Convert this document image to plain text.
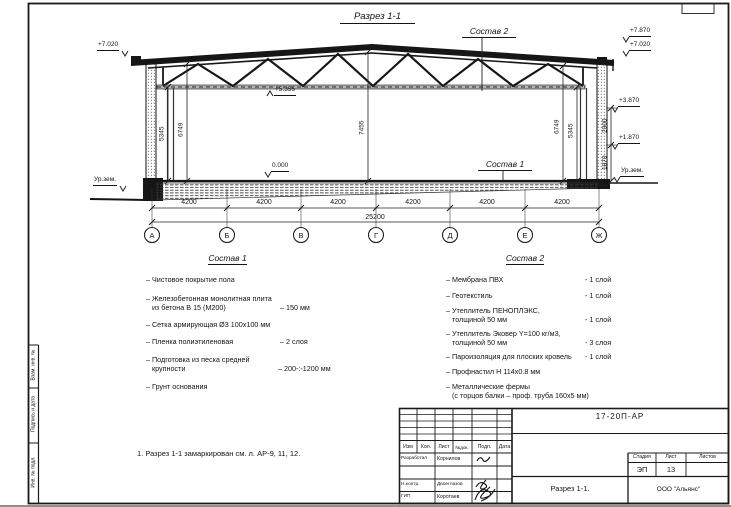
Разрез 1-1
Состав 2
Состав 1
+7.020
Ур.зем.
+5.355
0.000
+7.870
+7.020
+3.870
+1.870
Ур.зем.
5345 6749	7455	6749 5345	2000
1870
4200	4200	4200	4200	4200	4200
25200
А	Б	В	Г	Д	Е	Ж
Состав 1
– Чистовое покрытие пола
– Железобетонная монолитная плита
из бетона В 15 (М200)	– 150 мм
– Сетка армирующая Ø3 100х100 мм
– Пленка полиэтиленовая	– 2 слоя
– Подготовка из песка средней
крупности	– 200-:-1200 мм
– Грунт основания
Состав 2
– Мембрана ПВХ	- 1 слой
– Геотекстиль	- 1 слой
– Утеплитель ПЕНОПЛЭКС,
толщиной 50 мм	- 1 слой
– Утеплитель Эковер Y=100 кг/м3,
толщиной 50 мм	- 3 слоя
– Пароизоляция для плоских кровель - 1 слой
– Профнастил Н 114х0.8 мм
– Металлические фермы
(с торцов балки – проф. труба 160х5 мм)
1. Разрез 1-1 замаркирован см. л. АР-9, 11, 12.
Взам. инв. №
Подпись и дата
Инв. № подл.
17-20П-АР
Изм	Кол.	Лист	№док.	Подп.	Дата
Разработал	Корнилов
Н.контр.	Двоеглазов
ГИП	Коротаев
Стадия	Лист	Листов
ЭП	13
Разрез 1-1.	ООО "Альянс"
